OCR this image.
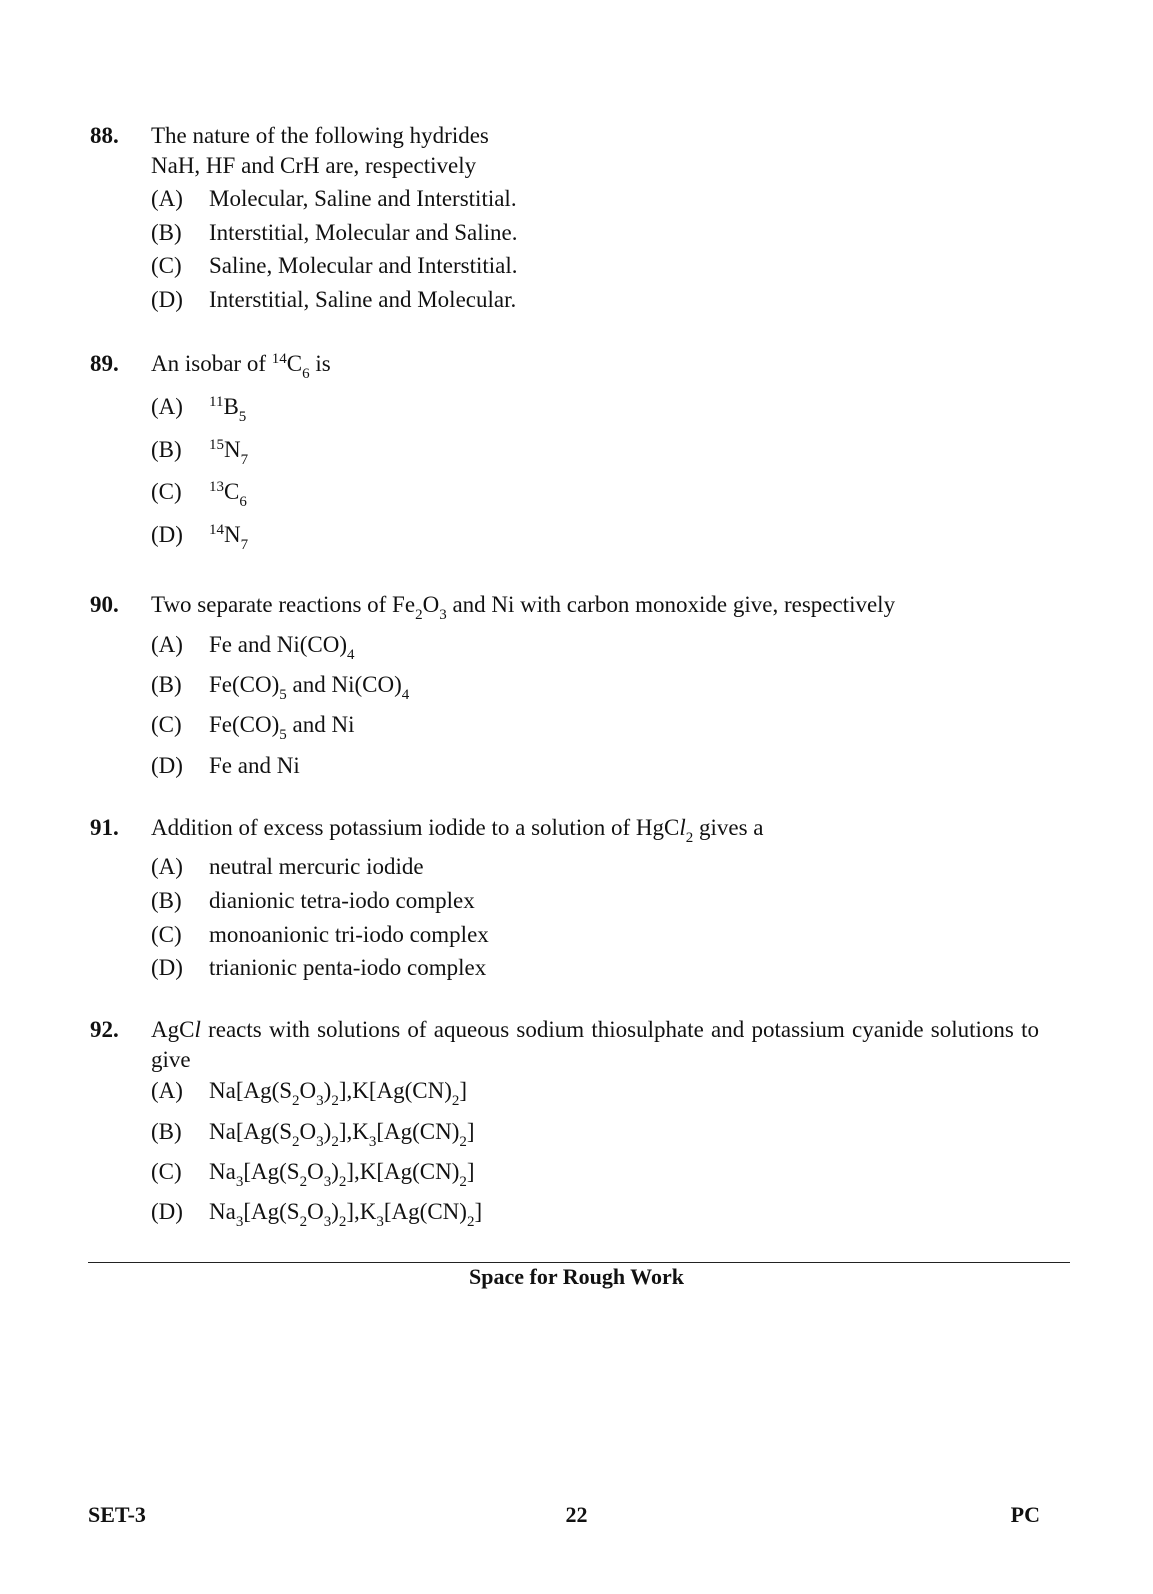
88. The nature of the following hydrides
NaH, HF and CrH are, respectively
(A) Molecular, Saline and Interstitial.
(B) Interstitial, Molecular and Saline.
(C) Saline, Molecular and Interstitial.
(D) Interstitial, Saline and Molecular.
89. An isobar of $^{14}C_6$ is
(A) $^{11}B_5$
(B) $^{15}N_7$
(C) $^{13}C_6$
(D) $^{14}N_7$
90. Two separate reactions of $Fe_2O_3$ and Ni with carbon monoxide give, respectively
(A) Fe and $Ni(CO)_4$
(B) $Fe(CO)_5$ and $Ni(CO)_4$
(C) $Fe(CO)_5$ and Ni
(D) Fe and Ni
91. Addition of excess potassium iodide to a solution of HgCl$_2$ gives a
(A) neutral mercuric iodide
(B) dianionic tetra-iodo complex
(C) monoanionic tri-iodo complex
(D) trianionic penta-iodo complex
92. AgCl reacts with solutions of aqueous sodium thiosulphate and potassium cyanide solutions to give
(A) $Na[Ag(S_2O_3)_2],K[Ag(CN)_2]$
(B) $Na[Ag(S_2O_3)_2],K_3[Ag(CN)_2]$
(C) $Na_3[Ag(S_2O_3)_2],K[Ag(CN)_2]$
(D) $Na_3[Ag(S_2O_3)_2],K_3[Ag(CN)_2]$
Space for Rough Work
SET-3	22	PC
